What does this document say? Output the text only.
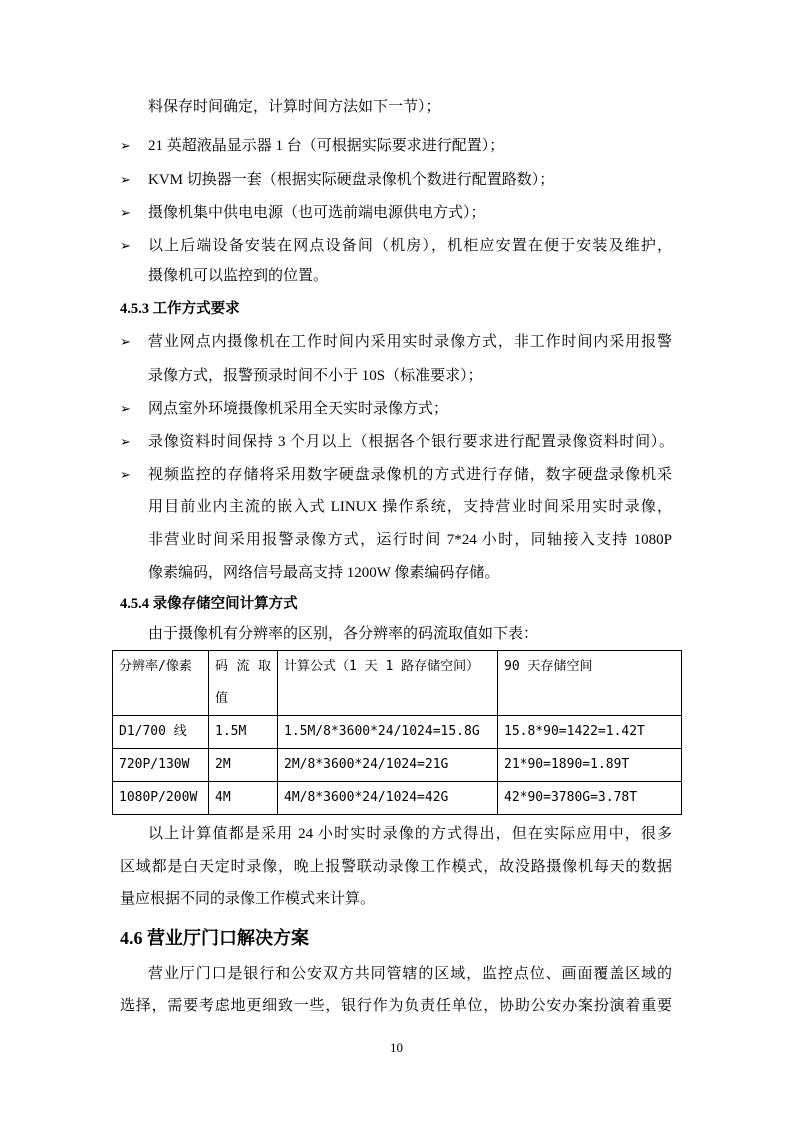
料保存时间确定，计算时间方法如下一节）；
➢ 21 英超液晶显示器 1 台（可根据实际要求进行配置）；
➢ KVM 切换器一套（根据实际硬盘录像机个数进行配置路数）；
➢ 摄像机集中供电电源（也可选前端电源供电方式）；
➢ 以上后端设备安装在网点设备间（机房），机柜应安置在便于安装及维护，
摄像机可以监控到的位置。
4.5.3 工作方式要求
➢ 营业网点内摄像机在工作时间内采用实时录像方式，非工作时间内采用报警
录像方式，报警预录时间不小于 10S（标准要求）；
➢ 网点室外环境摄像机采用全天实时录像方式；
➢ 录像资料时间保持 3 个月以上（根据各个银行要求进行配置录像资料时间）。
➢ 视频监控的存储将采用数字硬盘录像机的方式进行存储，数字硬盘录像机采
用目前业内主流的嵌入式 LINUX 操作系统，支持营业时间采用实时录像，
非营业时间采用报警录像方式，运行时间 7*24 小时，同轴接入支持 1080P
像素编码，网络信号最高支持 1200W 像素编码存储。
4.5.4 录像存储空间计算方式
由于摄像机有分辨率的区别，各分辨率的码流取值如下表：
分辨率/像素	码 流 取 值	计算公式（1 天 1 路存储空间）	90 天存储空间
D1/700 线	1.5M	1.5M/8*3600*24/1024=15.8G	15.8*90=1422=1.42T
720P/130W	2M	2M/8*3600*24/1024=21G	21*90=1890=1.89T
1080P/200W	4M	4M/8*3600*24/1024=42G	42*90=3780G=3.78T
以上计算值都是采用 24 小时实时录像的方式得出，但在实际应用中，很多
区域都是白天定时录像，晚上报警联动录像工作模式，故没路摄像机每天的数据
量应根据不同的录像工作模式来计算。
4.6 营业厅门口解决方案
营业厅门口是银行和公安双方共同管辖的区域，监控点位、画面覆盖区域的
选择，需要考虑地更细致一些，银行作为负责任单位，协助公安办案扮演着重要
10
